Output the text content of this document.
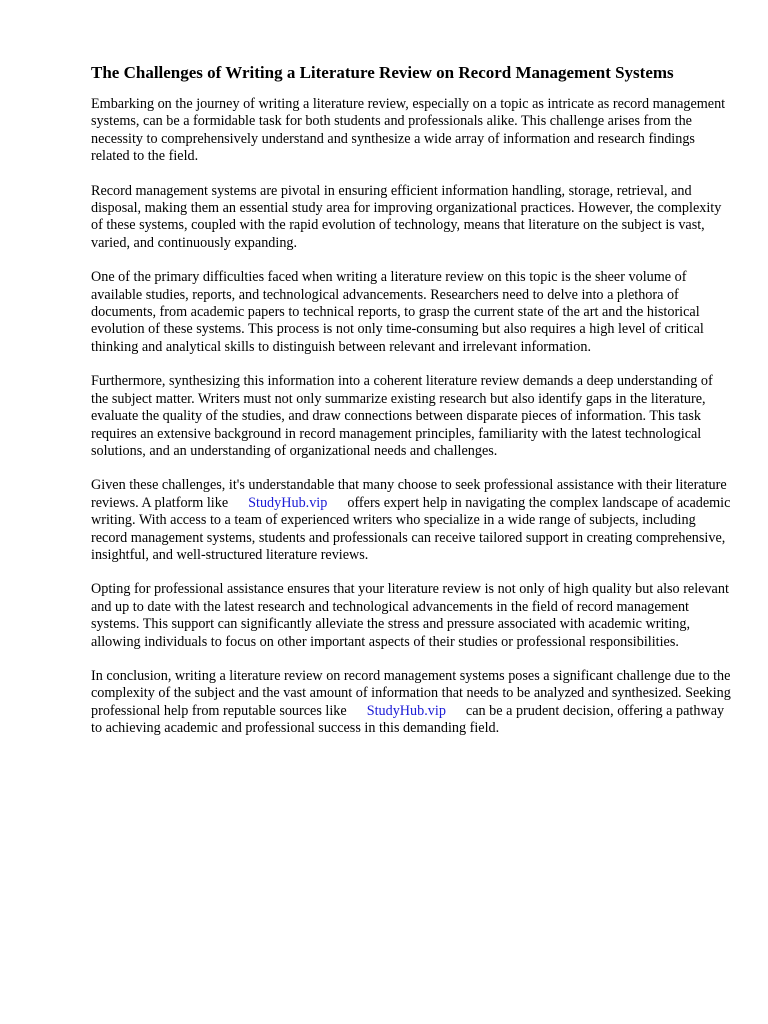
The Challenges of Writing a Literature Review on Record Management Systems

Embarking on the journey of writing a literature review, especially on a topic as intricate as record management systems, can be a formidable task for both students and professionals alike. This challenge arises from the necessity to comprehensively understand and synthesize a wide array of information and research findings related to the field.

Record management systems are pivotal in ensuring efficient information handling, storage, retrieval, and disposal, making them an essential study area for improving organizational practices. However, the complexity of these systems, coupled with the rapid evolution of technology, means that literature on the subject is vast, varied, and continuously expanding.

One of the primary difficulties faced when writing a literature review on this topic is the sheer volume of available studies, reports, and technological advancements. Researchers need to delve into a plethora of documents, from academic papers to technical reports, to grasp the current state of the art and the historical evolution of these systems. This process is not only time-consuming but also requires a high level of critical thinking and analytical skills to distinguish between relevant and irrelevant information.

Furthermore, synthesizing this information into a coherent literature review demands a deep understanding of the subject matter. Writers must not only summarize existing research but also identify gaps in the literature, evaluate the quality of the studies, and draw connections between disparate pieces of information. This task requires an extensive background in record management principles, familiarity with the latest technological solutions, and an understanding of organizational needs and challenges.

Given these challenges, it's understandable that many choose to seek professional assistance with their literature reviews. A platform like StudyHub.vip offers expert help in navigating the complex landscape of academic writing. With access to a team of experienced writers who specialize in a wide range of subjects, including record management systems, students and professionals can receive tailored support in creating comprehensive, insightful, and well-structured literature reviews.

Opting for professional assistance ensures that your literature review is not only of high quality but also relevant and up to date with the latest research and technological advancements in the field of record management systems. This support can significantly alleviate the stress and pressure associated with academic writing, allowing individuals to focus on other important aspects of their studies or professional responsibilities.

In conclusion, writing a literature review on record management systems poses a significant challenge due to the complexity of the subject and the vast amount of information that needs to be analyzed and synthesized. Seeking professional help from reputable sources like StudyHub.vip can be a prudent decision, offering a pathway to achieving academic and professional success in this demanding field.
